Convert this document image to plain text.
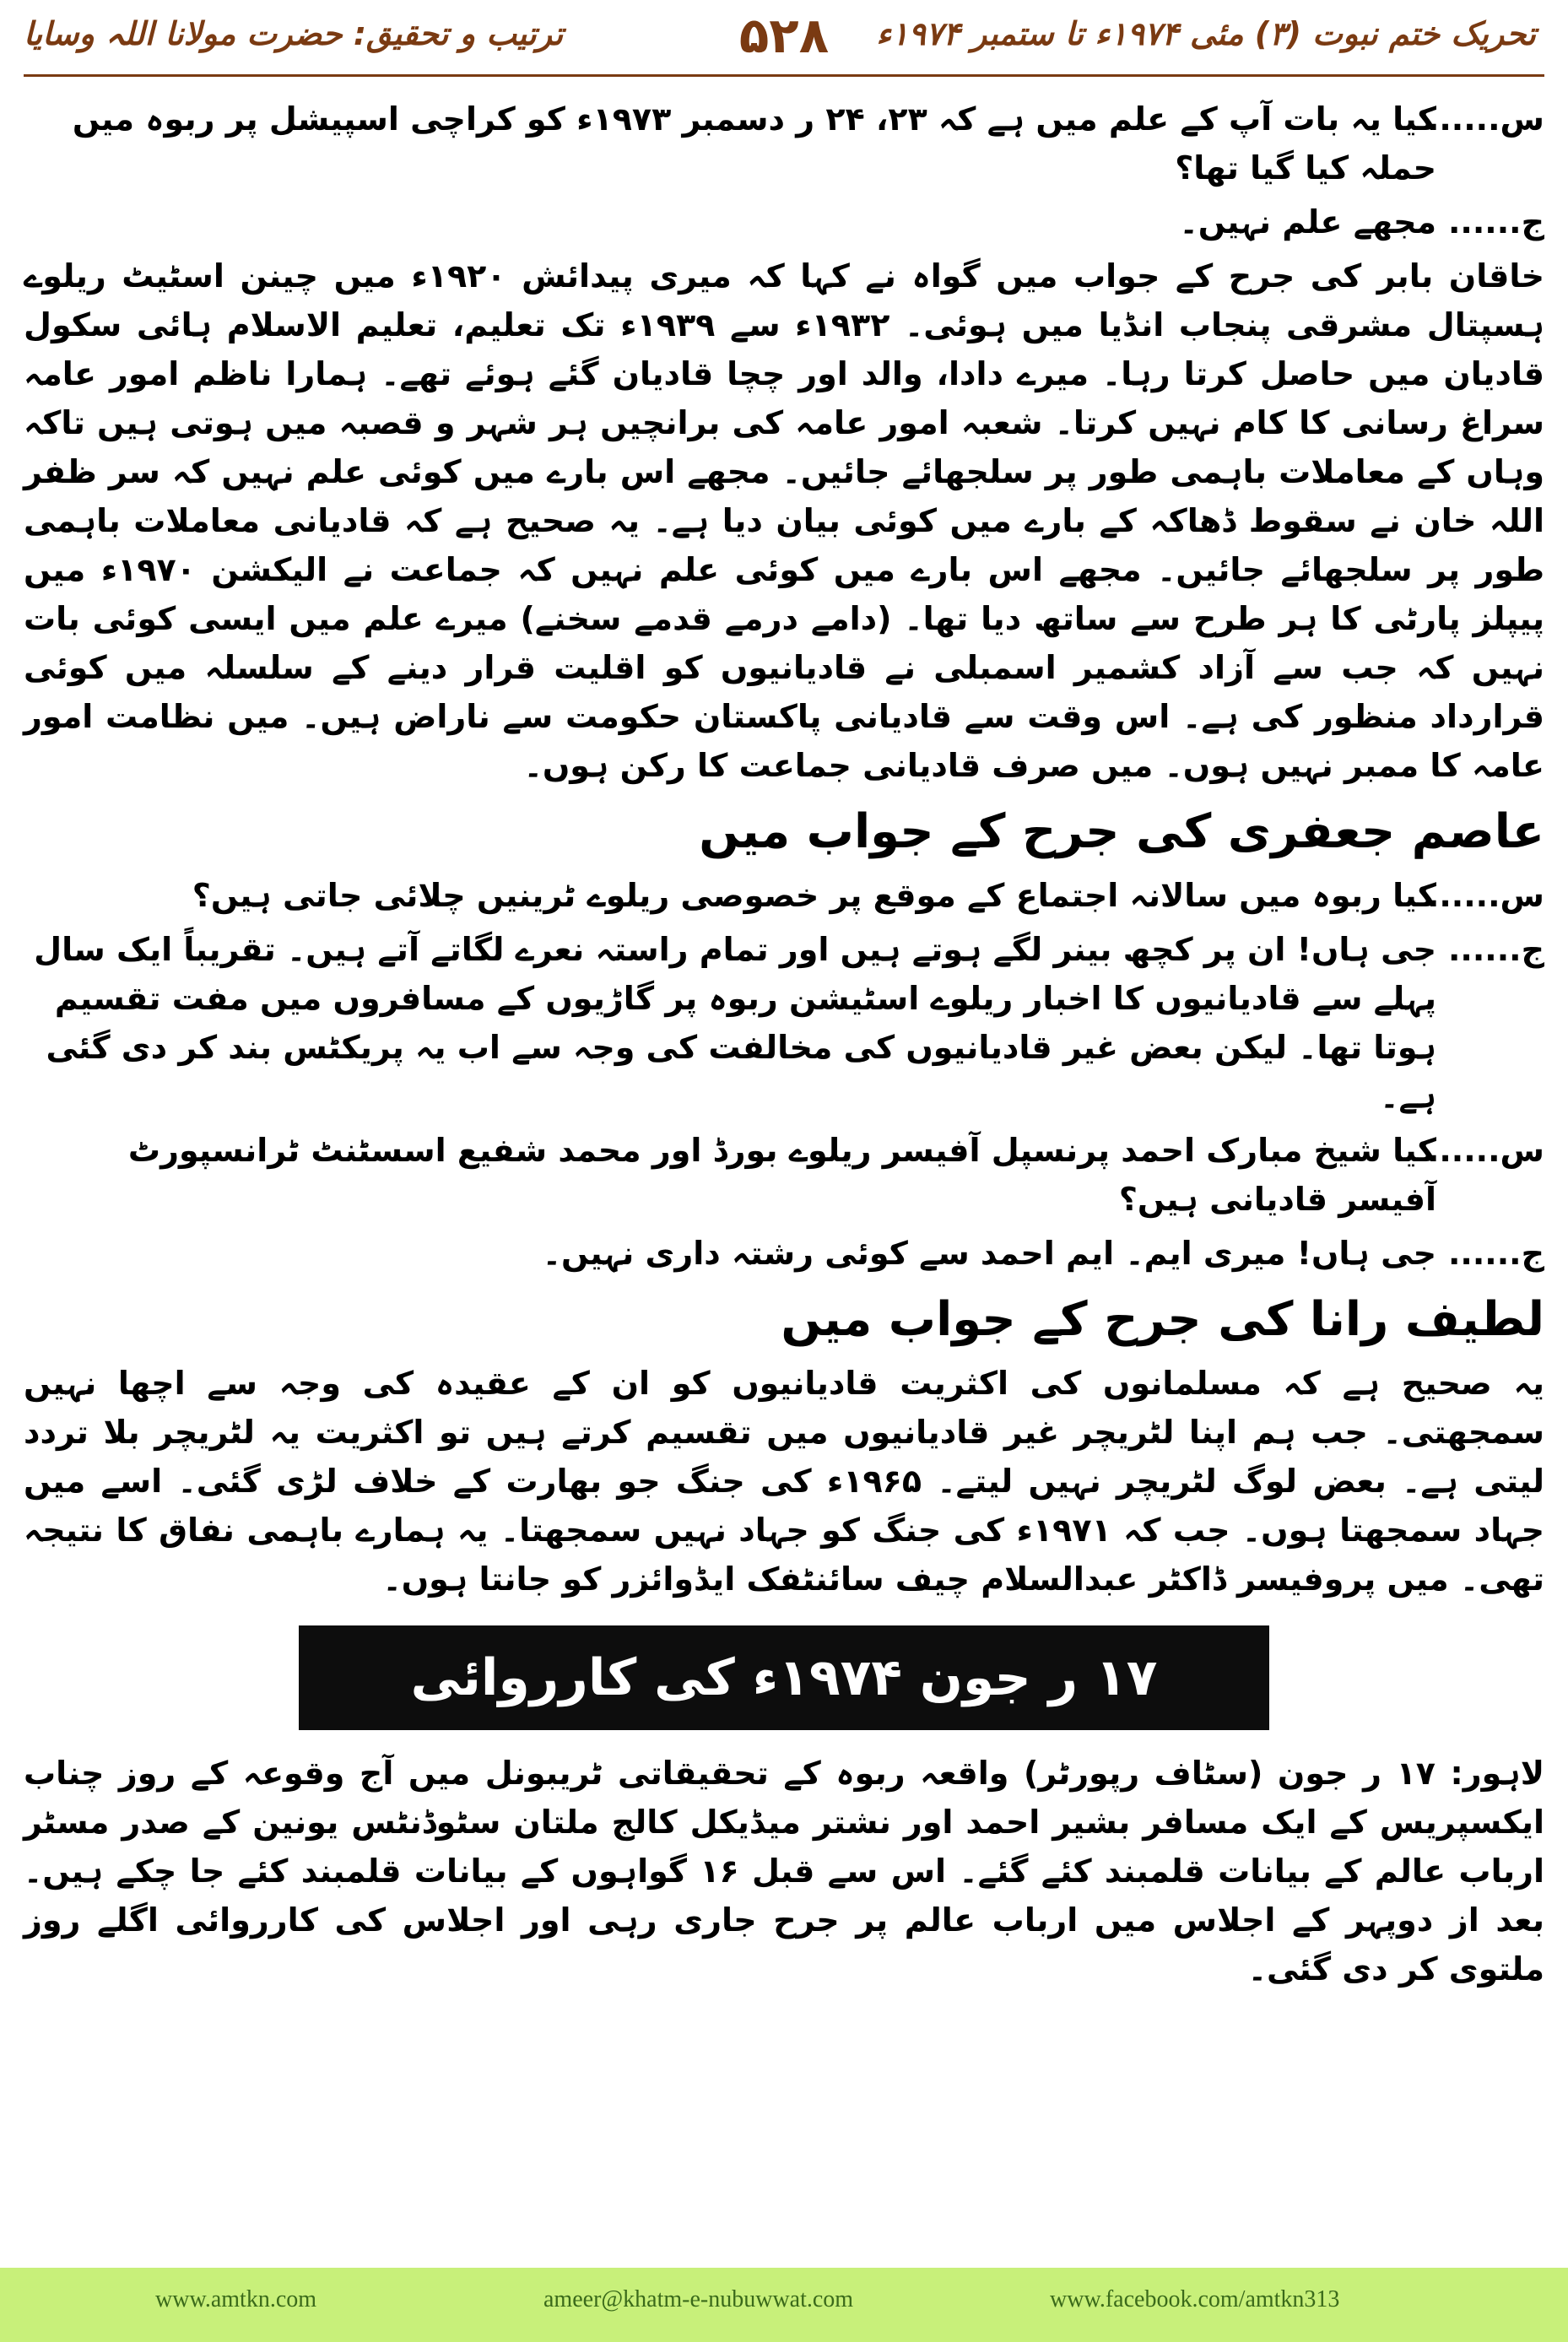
تحریک ختم نبوت (۳) مئی ۱۹۷۴ء تا ستمبر ۱۹۷۴ء
۵۲۸
ترتیب و تحقیق: حضرت مولانا اللہ وسایا
س......
کیا یہ بات آپ کے علم میں ہے کہ ۲۳، ۲۴ ر دسمبر ۱۹۷۳ء کو کراچی اسپیشل پر ربوہ میں حملہ کیا گیا تھا؟
ج......
مجھے علم نہیں۔
خاقان بابر کی جرح کے جواب میں گواہ نے کہا کہ میری پیدائش ۱۹۲۰ء میں چینن اسٹیٹ ریلوے ہسپتال مشرقی پنجاب انڈیا میں ہوئی۔ ۱۹۳۲ء سے ۱۹۳۹ء تک تعلیم، تعلیم الاسلام ہائی سکول قادیان میں حاصل کرتا رہا۔ میرے دادا، والد اور چچا قادیان گئے ہوئے تھے۔ ہمارا ناظم امور عامہ سراغ رسانی کا کام نہیں کرتا۔ شعبہ امور عامہ کی برانچیں ہر شہر و قصبہ میں ہوتی ہیں تاکہ وہاں کے معاملات باہمی طور پر سلجھائے جائیں۔ مجھے اس بارے میں کوئی علم نہیں کہ سر ظفر اللہ خان نے سقوط ڈھاکہ کے بارے میں کوئی بیان دیا ہے۔ یہ صحیح ہے کہ قادیانی معاملات باہمی طور پر سلجھائے جائیں۔ مجھے اس بارے میں کوئی علم نہیں کہ جماعت نے الیکشن ۱۹۷۰ء میں پیپلز پارٹی کا ہر طرح سے ساتھ دیا تھا۔ (دامے درمے قدمے سخنے) میرے علم میں ایسی کوئی بات نہیں کہ جب سے آزاد کشمیر اسمبلی نے قادیانیوں کو اقلیت قرار دینے کے سلسلہ میں کوئی قرارداد منظور کی ہے۔ اس وقت سے قادیانی پاکستان حکومت سے ناراض ہیں۔ میں نظامت امور عامہ کا ممبر نہیں ہوں۔ میں صرف قادیانی جماعت کا رکن ہوں۔
عاصم جعفری کی جرح کے جواب میں
س......
کیا ربوہ میں سالانہ اجتماع کے موقع پر خصوصی ریلوے ٹرینیں چلائی جاتی ہیں؟
ج......
جی ہاں! ان پر کچھ بینر لگے ہوتے ہیں اور تمام راستہ نعرے لگاتے آتے ہیں۔ تقریباً ایک سال پہلے سے قادیانیوں کا اخبار ریلوے اسٹیشن ربوہ پر گاڑیوں کے مسافروں میں مفت تقسیم ہوتا تھا۔ لیکن بعض غیر قادیانیوں کی مخالفت کی وجہ سے اب یہ پریکٹس بند کر دی گئی ہے۔
س......
کیا شیخ مبارک احمد پرنسپل آفیسر ریلوے بورڈ اور محمد شفیع اسسٹنٹ ٹرانسپورٹ آفیسر قادیانی ہیں؟
ج......
جی ہاں! میری ایم۔ ایم احمد سے کوئی رشتہ داری نہیں۔
لطیف رانا کی جرح کے جواب میں
یہ صحیح ہے کہ مسلمانوں کی اکثریت قادیانیوں کو ان کے عقیدہ کی وجہ سے اچھا نہیں سمجھتی۔ جب ہم اپنا لٹریچر غیر قادیانیوں میں تقسیم کرتے ہیں تو اکثریت یہ لٹریچر بلا تردد لیتی ہے۔ بعض لوگ لٹریچر نہیں لیتے۔ ۱۹۶۵ء کی جنگ جو بھارت کے خلاف لڑی گئی۔ اسے میں جہاد سمجھتا ہوں۔ جب کہ ۱۹۷۱ء کی جنگ کو جہاد نہیں سمجھتا۔ یہ ہمارے باہمی نفاق کا نتیجہ تھی۔ میں پروفیسر ڈاکٹر عبدالسلام چیف سائنٹفک ایڈوائزر کو جانتا ہوں۔
۱۷ ر جون ۱۹۷۴ء کی کارروائی
لاہور: ۱۷ ر جون (سٹاف رپورٹر) واقعہ ربوہ کے تحقیقاتی ٹریبونل میں آج وقوعہ کے روز چناب ایکسپریس کے ایک مسافر بشیر احمد اور نشتر میڈیکل کالج ملتان سٹوڈنٹس یونین کے صدر مسٹر ارباب عالم کے بیانات قلمبند کئے گئے۔ اس سے قبل ۱۶ گواہوں کے بیانات قلمبند کئے جا چکے ہیں۔ بعد از دوپہر کے اجلاس میں ارباب عالم پر جرح جاری رہی اور اجلاس کی کارروائی اگلے روز ملتوی کر دی گئی۔
www.amtkn.com	ameer@khatm-e-nubuwwat.com	www.facebook.com/amtkn313
